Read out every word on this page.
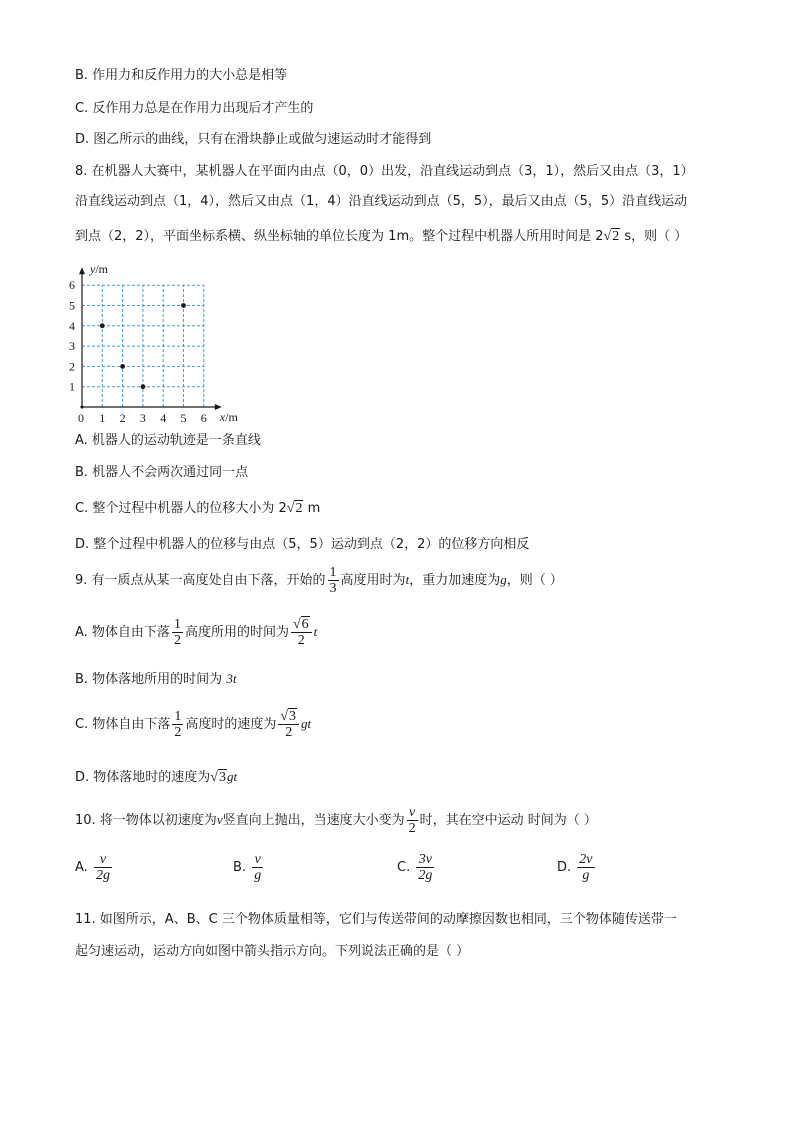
B. 作用力和反作用力的大小总是相等
C. 反作用力总是在作用力出现后才产生的
D. 图乙所示的曲线，只有在滑块静止或做匀速运动时才能得到
8. 在机器人大赛中，某机器人在平面内由点（0，0）出发，沿直线运动到点（3，1），然后又由点（3，1）
沿直线运动到点（1，4），然后又由点（1，4）沿直线运动到点（5，5），最后又由点（5，5）沿直线运动
到点（2，2），平面坐标系横、纵坐标轴的单位长度为 1m。整个过程中机器人所用时间是 2√2 s，则（ ）
1 2 3 4 5 6
1
2
3
4
5
6
0	x/m
y/m
A. 机器人的运动轨迹是一条直线
B. 机器人不会两次通过同一点
C. 整个过程中机器人的位移大小为 2√2 m
D. 整个过程中机器人的位移与由点（5，5）运动到点（2，2）的位移方向相反
9. 有一质点从某一高度处自由下落，开始的 $\frac{1}{3}$ 高度用时为t，重力加速度为g，则（ ）
A. 物体自由下落 $\frac{1}{2}$ 高度所用的时间为 $\frac{√6}{2}$ t
B. 物体落地所用的时间为 3t
C. 物体自由下落 $\frac{1}{2}$ 高度时的速度为 $\frac{√3}{2}$ gt
D. 物体落地时的速度为√3gt
10. 将一物体以初速度为v竖直向上抛出，当速度大小变为 $\frac{v}{2}$ 时，其在空中运动 时间为（ ）
A. $\frac{v}{2g}$	B. $\frac{v}{g}$	C. $\frac{3v}{2g}$	D. $\frac{2v}{g}$
11. 如图所示，A、B、C 三个物体质量相等，它们与传送带间的动摩擦因数也相同，三个物体随传送带一
起匀速运动，运动方向如图中箭头指示方向。下列说法正确的是（ ）
